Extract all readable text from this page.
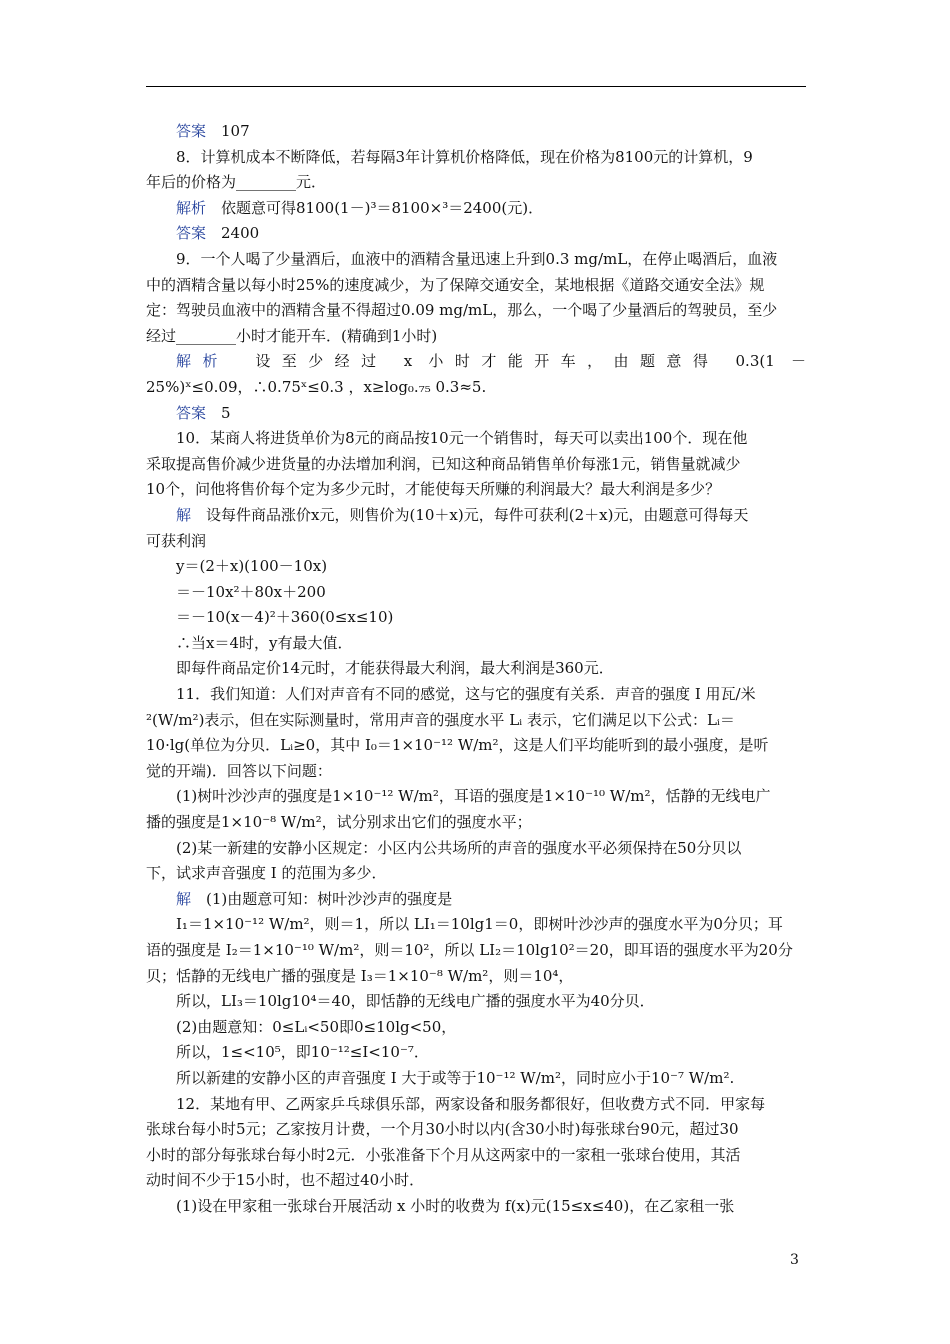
答案　107
8．计算机成本不断降低，若每隔3年计算机价格降低，现在价格为8100元的计算机，9
年后的价格为________元．
解析　依题意可得8100(1－)³＝8100×³＝2400(元)．
答案　2400
9．一个人喝了少量酒后，血液中的酒精含量迅速上升到0.3 mg/mL，在停止喝酒后，血液
中的酒精含量以每小时25%的速度减少，为了保障交通安全，某地根据《道路交通安全法》规
定：驾驶员血液中的酒精含量不得超过0.09 mg/mL，那么，一个喝了少量酒后的驾驶员，至少
经过________小时才能开车．(精确到1小时)
解析　设至少经过 x 小时才能开车，由题意得 0.3(1 －
25%)ˣ≤0.09，∴0.75ˣ≤0.3 ，x≥log₀.₇₅ 0.3≈5.
答案　5
10．某商人将进货单价为8元的商品按10元一个销售时，每天可以卖出100个．现在他
采取提高售价减少进货量的办法增加利润，已知这种商品销售单价每涨1元，销售量就减少
10个，问他将售价每个定为多少元时，才能使每天所赚的利润最大？最大利润是多少？
解　设每件商品涨价x元，则售价为(10＋x)元，每件可获利(2＋x)元，由题意可得每天
可获利润
y＝(2＋x)(100－10x)
＝－10x²＋80x＋200
＝－10(x－4)²＋360(0≤x≤10)
∴当x＝4时，y有最大值．
即每件商品定价14元时，才能获得最大利润，最大利润是360元．
11．我们知道：人们对声音有不同的感觉，这与它的强度有关系．声音的强度 I 用瓦/米
²(W/m²)表示，但在实际测量时，常用声音的强度水平 Lᵢ 表示，它们满足以下公式：Lᵢ＝
10·lg(单位为分贝．Lᵢ≥0，其中 I₀＝1×10⁻¹² W/m²，这是人们平均能听到的最小强度，是听
觉的开端)．回答以下问题：
(1)树叶沙沙声的强度是1×10⁻¹² W/m²，耳语的强度是1×10⁻¹⁰ W/m²，恬静的无线电广
播的强度是1×10⁻⁸ W/m²，试分别求出它们的强度水平；
(2)某一新建的安静小区规定：小区内公共场所的声音的强度水平必须保持在50分贝以
下，试求声音强度 I 的范围为多少．
解　(1)由题意可知：树叶沙沙声的强度是
I₁＝1×10⁻¹² W/m²，则＝1，所以 LI₁＝10lg1＝0，即树叶沙沙声的强度水平为0分贝；耳
语的强度是 I₂＝1×10⁻¹⁰ W/m²，则＝10²，所以 LI₂＝10lg10²＝20，即耳语的强度水平为20分
贝；恬静的无线电广播的强度是 I₃＝1×10⁻⁸ W/m²，则＝10⁴，
所以，LI₃＝10lg10⁴＝40，即恬静的无线电广播的强度水平为40分贝．
(2)由题意知：0≤Lᵢ<50即0≤10lg<50，
所以，1≤<10⁵，即10⁻¹²≤I<10⁻⁷．
所以新建的安静小区的声音强度 I 大于或等于10⁻¹² W/m²，同时应小于10⁻⁷ W/m².
12．某地有甲、乙两家乒乓球俱乐部，两家设备和服务都很好，但收费方式不同．甲家每
张球台每小时5元；乙家按月计费，一个月30小时以内(含30小时)每张球台90元，超过30
小时的部分每张球台每小时2元．小张准备下个月从这两家中的一家租一张球台使用，其活
动时间不少于15小时，也不超过40小时．
(1)设在甲家租一张球台开展活动 x 小时的收费为 f(x)元(15≤x≤40)，在乙家租一张
3
